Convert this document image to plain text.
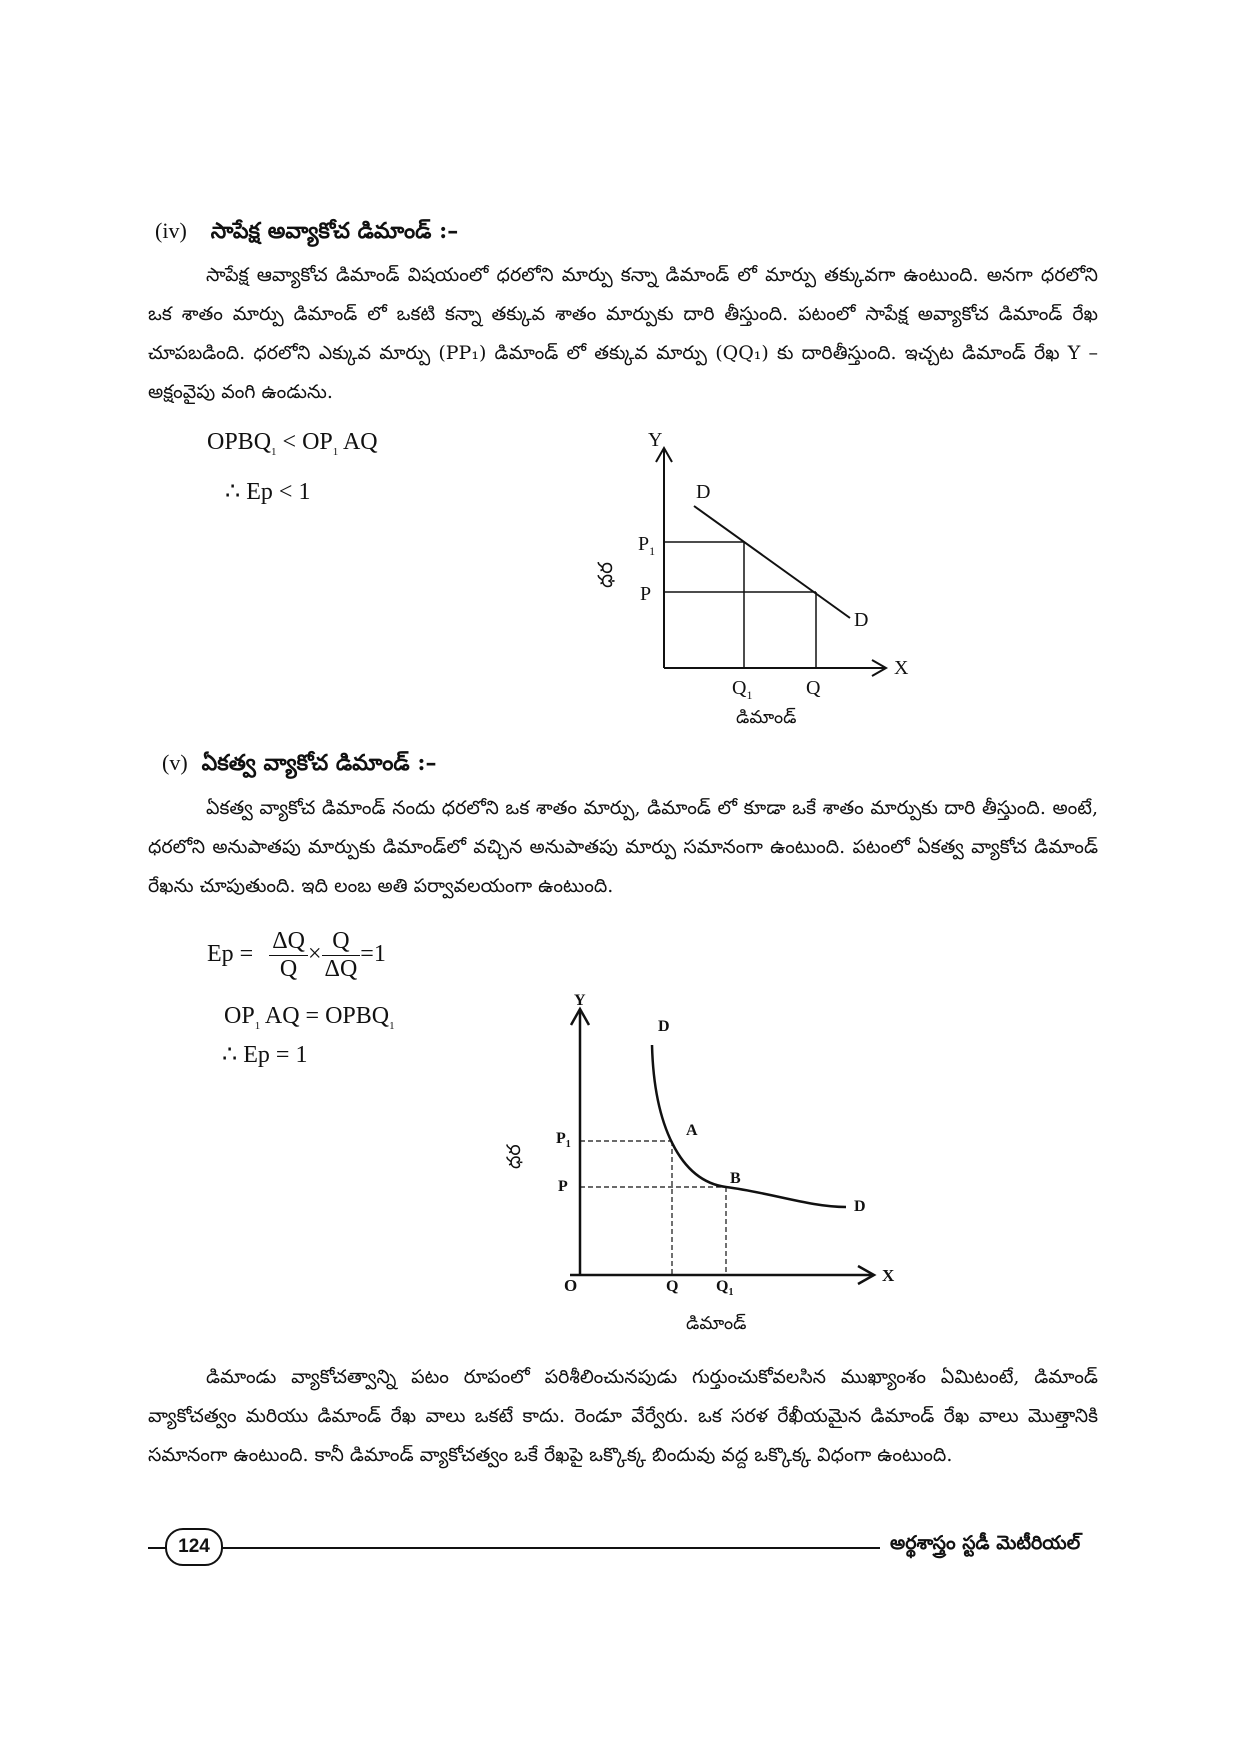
(iv) సాపేక్ష అవ్యాకోచ డిమాండ్ :–
సాపేక్ష ఆవ్యాకోచ డిమాండ్ విషయంలో ధరలోని మార్పు కన్నా డిమాండ్ లో మార్పు తక్కువగా ఉంటుంది. అనగా ధరలోని ఒక శాతం మార్పు డిమాండ్ లో ఒకటి కన్నా తక్కువ శాతం మార్పుకు దారి తీస్తుంది. పటంలో సాపేక్ష అవ్యాకోచ డిమాండ్ రేఖ చూపబడింది. ధరలోని ఎక్కువ మార్పు (PP₁) డిమాండ్ లో తక్కువ మార్పు (QQ₁) కు దారితీస్తుంది. ఇచ్చట డిమాండ్ రేఖ Y – అక్షంవైపు వంగి ఉండును.
$OPBQ_1 < OP_1$ AQ
∴ Ep < 1
Y
X
D
D
$P_1$
P
$Q_1$	Q
ధర
డిమాండ్
(v) ఏకత్వ వ్యాకోచ డిమాండ్ :–
ఏకత్వ వ్యాకోచ డిమాండ్ నందు ధరలోని ఒక శాతం మార్పు, డిమాండ్ లో కూడా ఒకే శాతం మార్పుకు దారి తీస్తుంది. అంటే, ధరలోని అనుపాతపు మార్పుకు డిమాండ్‌లో వచ్చిన అనుపాతపు మార్పు సమానంగా ఉంటుంది. పటంలో ఏకత్వ వ్యాకోచ డిమాండ్ రేఖను చూపుతుంది. ఇది లంబ అతి పర్వావలయంగా ఉంటుంది.
$Ep = \frac{\Delta Q}{Q} \times \frac{Q}{\Delta Q} =1$
$OP_1$ AQ = $OPBQ_1$
∴ Ep = 1
Y
X
O
D
D
A
B
$P_1$
P
Q $Q_1$
ధర
డిమాండ్
డిమాండు వ్యాకోచత్వాన్ని పటం రూపంలో పరిశీలించునపుడు గుర్తుంచుకోవలసిన ముఖ్యాంశం ఏమిటంటే, డిమాండ్ వ్యాకోచత్వం మరియు డిమాండ్ రేఖ వాలు ఒకటే కాదు. రెండూ వేర్వేరు. ఒక సరళ రేఖీయమైన డిమాండ్ రేఖ వాలు మొత్తానికి సమానంగా ఉంటుంది. కానీ డిమాండ్ వ్యాకోచత్వం ఒకే రేఖపై ఒక్కొక్క బిందువు వద్ద ఒక్కొక్క విధంగా ఉంటుంది.
124	అర్థశాస్త్రం స్టడీ మెటీరియల్
